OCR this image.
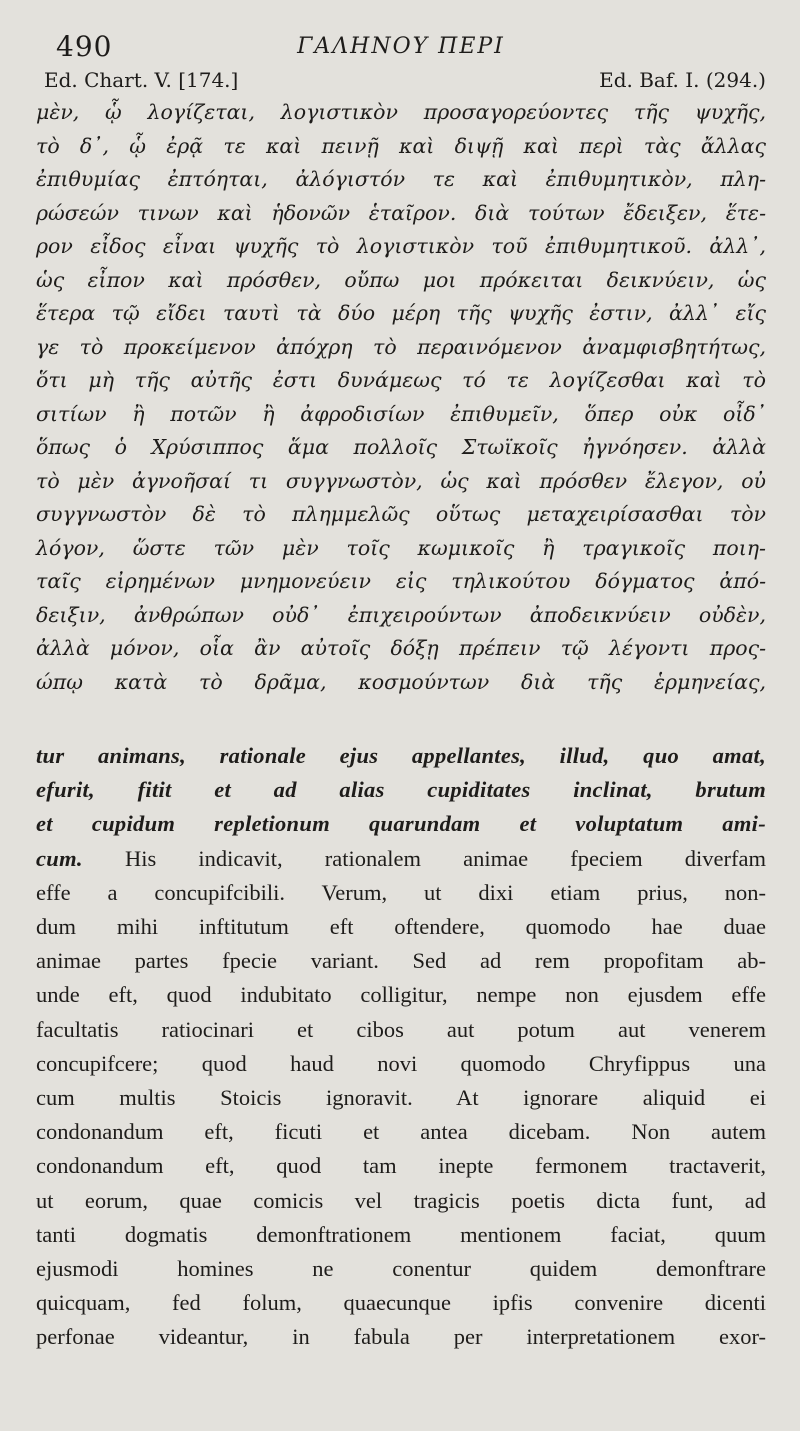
490	ΓΑΛΗΝΟΥ ΠΕΡΙ
Ed. Chart. V. [174.]	Ed. Baf. I. (294.)
μὲν, ᾧ λογίζεται, λογιστικὸν προσαγορεύοντες τῆς ψυχῆς,
τὸ δ᾽, ᾧ ἐρᾷ τε καὶ πεινῇ καὶ διψῇ καὶ περὶ τὰς ἄλλας
ἐπιθυμίας ἐπτόηται, ἀλόγιστόν τε καὶ ἐπιθυμητικὸν, πλη-
ρώσεών τινων καὶ ἡδονῶν ἑταῖρον. διὰ τούτων ἔδειξεν, ἕτε-
ρον εἶδος εἶναι ψυχῆς τὸ λογιστικὸν τοῦ ἐπιθυμητικοῦ. ἀλλ᾽,
ὡς εἶπον καὶ πρόσθεν, οὔπω μοι πρόκειται δεικνύειν, ὡς
ἕτερα τῷ εἴδει ταυτὶ τὰ δύο μέρη τῆς ψυχῆς ἐστιν, ἀλλ᾽ εἴς
γε τὸ προκείμενον ἀπόχρη τὸ περαινόμενον ἀναμφισβητήτως,
ὅτι μὴ τῆς αὐτῆς ἐστι δυνάμεως τό τε λογίζεσθαι καὶ τὸ
σιτίων ἢ ποτῶν ἢ ἀφροδισίων ἐπιθυμεῖν, ὅπερ οὐκ οἶδ᾽
ὅπως ὁ Χρύσιππος ἅμα πολλοῖς Στωϊκοῖς ἠγνόησεν. ἀλλὰ
τὸ μὲν ἀγνοῆσαί τι συγγνωστὸν, ὡς καὶ πρόσθεν ἔλεγον, οὐ
συγγνωστὸν δὲ τὸ πλημμελῶς οὕτως μεταχειρίσασθαι τὸν
λόγον, ὥστε τῶν μὲν τοῖς κωμικοῖς ἢ τραγικοῖς ποιη-
ταῖς εἰρημένων μνημονεύειν εἰς τηλικούτου δόγματος ἀπό-
δειξιν, ἀνθρώπων οὐδ᾽ ἐπιχειρούντων ἀποδεικνύειν οὐδὲν,
ἀλλὰ μόνον, οἷα ἂν αὐτοῖς δόξῃ πρέπειν τῷ λέγοντι προς-
ώπῳ κατὰ τὸ δρᾶμα, κοσμούντων διὰ τῆς ἑρμηνείας,
tur animans, rationale ejus appellantes, illud, quo amat,
efurit, fitit et ad alias cupiditates inclinat, brutum
et cupidum repletionum quarundam et voluptatum ami-
cum. His indicavit, rationalem animae fpeciem diverfam
effe a concupifcibili. Verum, ut dixi etiam prius, non-
dum mihi inftitutum eft oftendere, quomodo hae duae
animae partes fpecie variant. Sed ad rem propofitam ab-
unde eft, quod indubitato colligitur, nempe non ejusdem effe
facultatis ratiocinari et cibos aut potum aut venerem
concupifcere; quod haud novi quomodo Chryfippus una
cum multis Stoicis ignoravit. At ignorare aliquid ei
condonandum eft, ficuti et antea dicebam. Non autem
condonandum eft, quod tam inepte fermonem tractaverit,
ut eorum, quae comicis vel tragicis poetis dicta funt, ad
tanti dogmatis demonftrationem mentionem faciat, quum
ejusmodi homines ne conentur quidem demonftrare
quicquam, fed folum, quaecunque ipfis convenire dicenti
perfonae videantur, in fabula per interpretationem exor-
